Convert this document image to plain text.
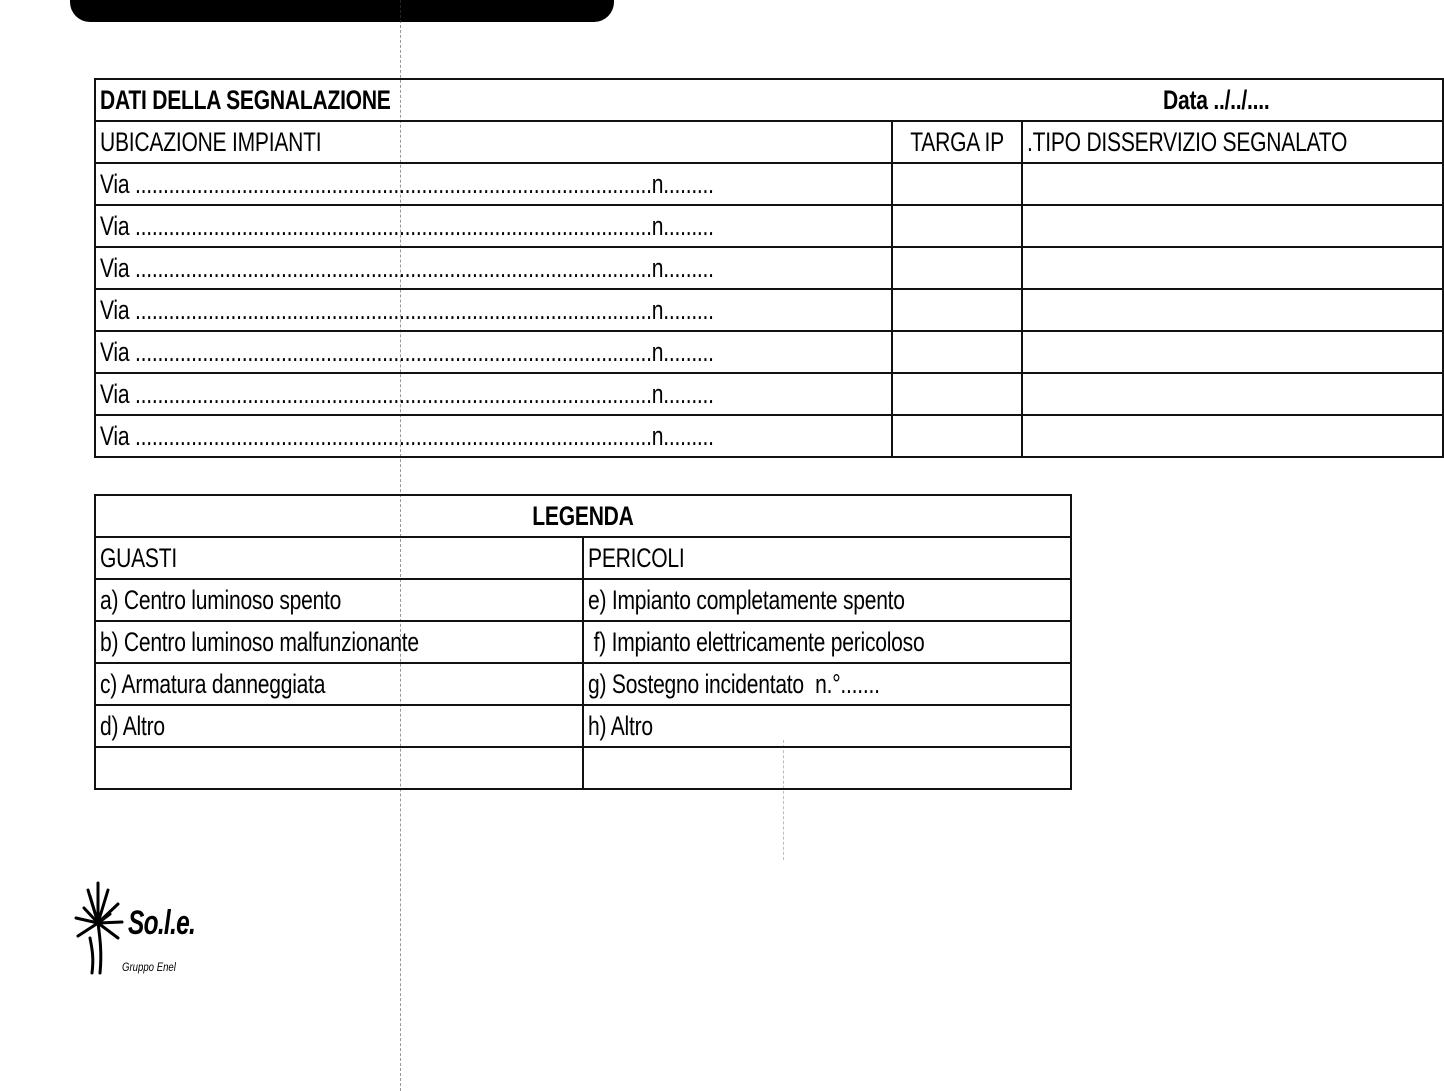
DATI DELLA SEGNALAZIONE		Data ../../....
UBICAZIONE IMPIANTI	TARGA IP	.TIPO DISSERVIZIO SEGNALATO
Via ............................................................................................n.........		
Via ............................................................................................n.........		
Via ............................................................................................n.........		
Via ............................................................................................n.........		
Via ............................................................................................n.........		
Via ............................................................................................n.........		
Via ............................................................................................n.........		
LEGENDA	
GUASTI	PERICOLI
a) Centro luminoso spento	e) Impianto completamente spento
b) Centro luminoso malfunzionante	f) Impianto elettricamente pericoloso
c) Armatura danneggiata	g) Sostegno incidentato  n.°.......
d) Altro	h) Altro

So.l.e.
Gruppo Enel
